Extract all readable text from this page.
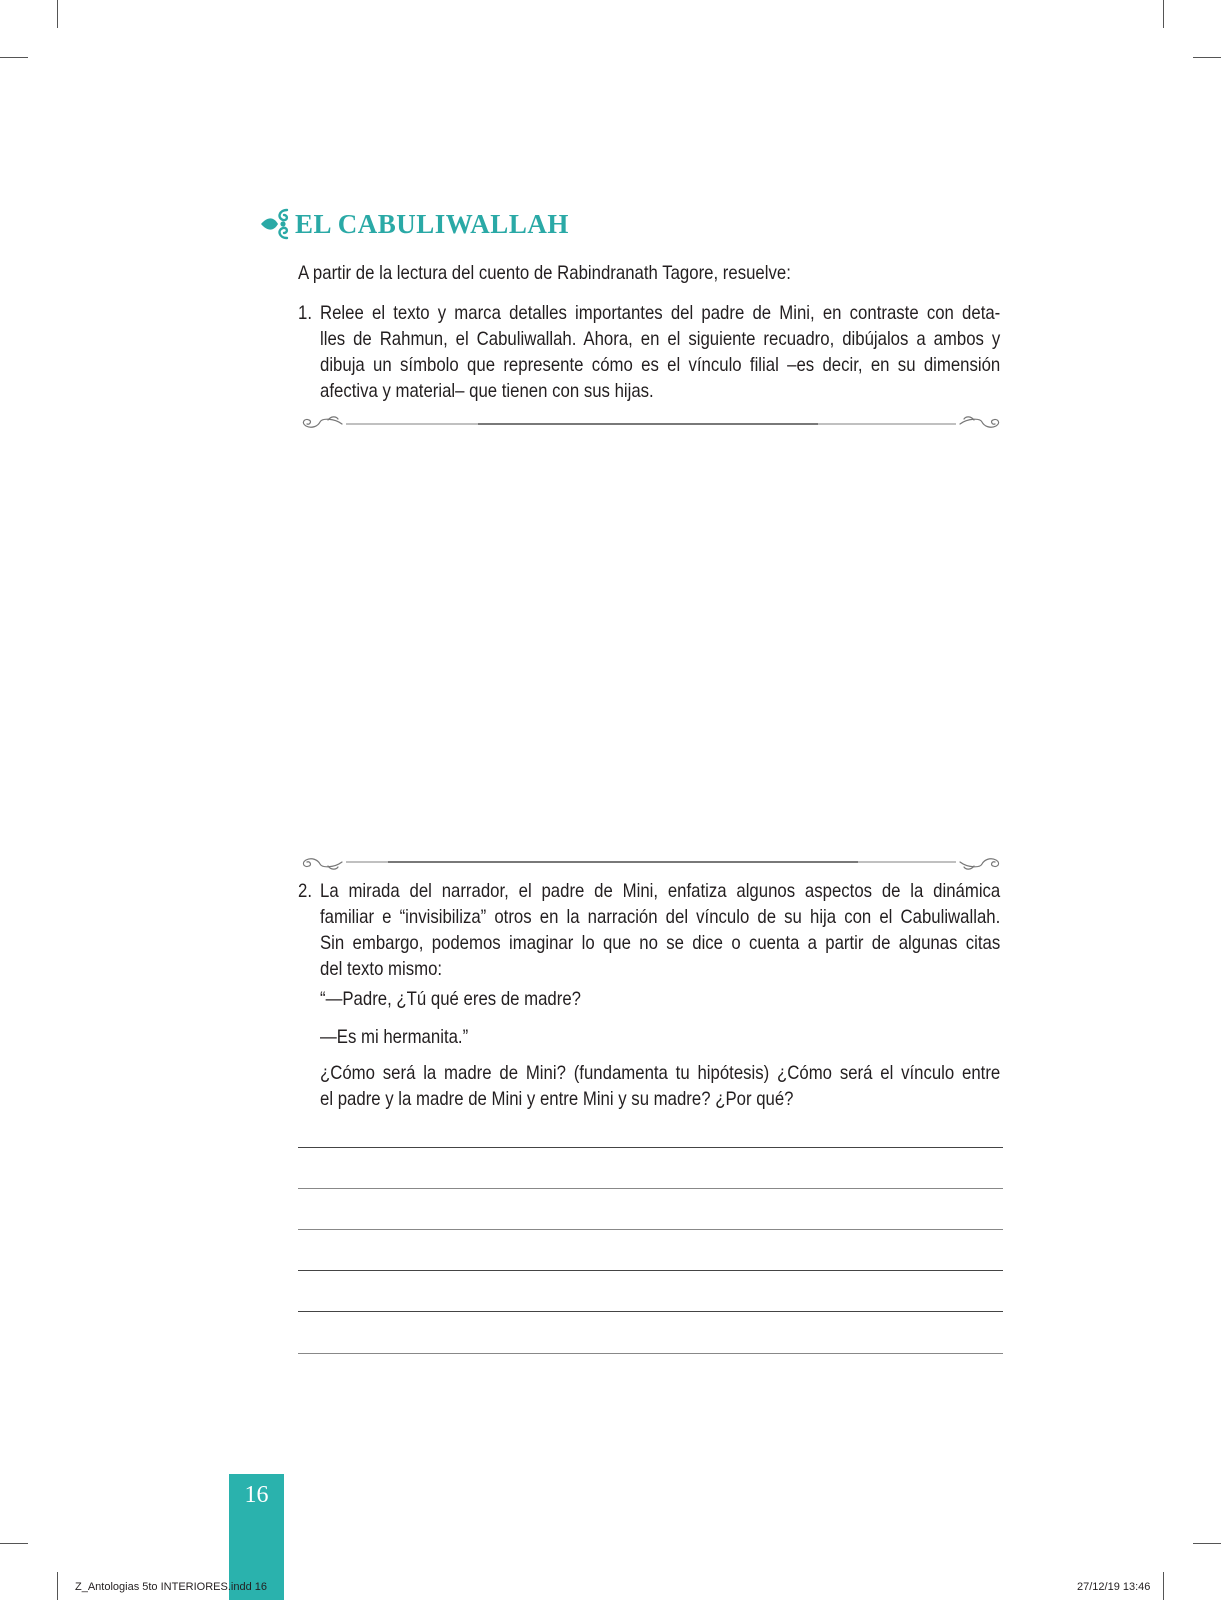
EL CABULIWALLAH
A partir de la lectura del cuento de Rabindranath Tagore, resuelve:
1. Relee el texto y marca detalles importantes del padre de Mini, en contraste con deta-
lles de Rahmun, el Cabuliwallah. Ahora, en el siguiente recuadro, dibújalos a ambos y
dibuja un símbolo que represente cómo es el vínculo filial –es decir, en su dimensión
afectiva y material– que tienen con sus hijas.
2. La mirada del narrador, el padre de Mini, enfatiza algunos aspectos de la dinámica
familiar e “invisibiliza” otros en la narración del vínculo de su hija con el Cabuliwallah.
Sin embargo, podemos imaginar lo que no se dice o cuenta a partir de algunas citas
del texto mismo:
“—Padre, ¿Tú qué eres de madre?
—Es mi hermanita.”
¿Cómo será la madre de Mini? (fundamenta tu hipótesis) ¿Cómo será el vínculo entre
el padre y la madre de Mini y entre Mini y su madre? ¿Por qué?
16
Z_Antologias 5to INTERIORES.indd 16	27/12/19 13:46
